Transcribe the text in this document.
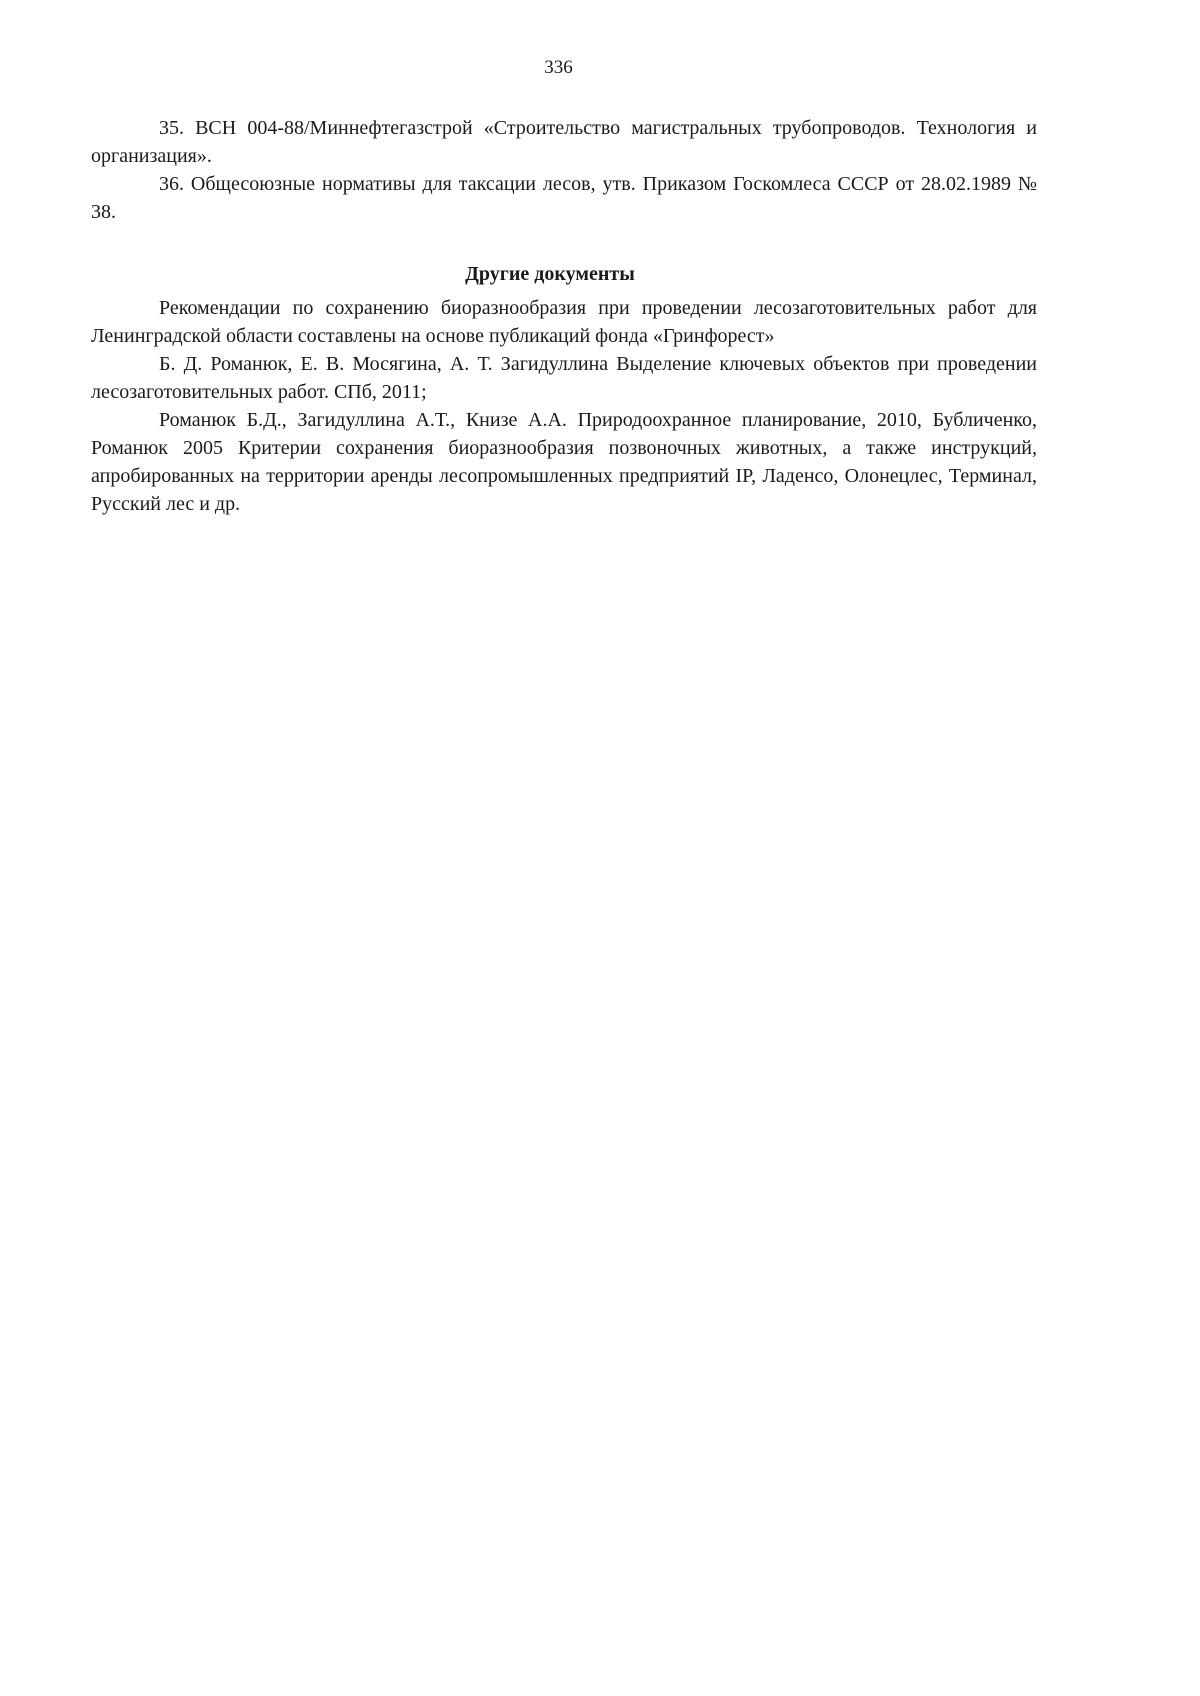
336

35. ВСН 004-88/Миннефтегазстрой «Строительство магистральных трубопроводов. Технология и организация».

36. Общесоюзные нормативы для таксации лесов, утв. Приказом Госкомлеса СССР от 28.02.1989 № 38.

Другие документы

Рекомендации по сохранению биоразнообразия при проведении лесозаготовительных работ для Ленинградской области составлены на основе публикаций фонда «Гринфорест»

Б. Д. Романюк, Е. В. Мосягина, А. Т. Загидуллина Выделение ключевых объектов при проведении лесозаготовительных работ. СПб, 2011;

Романюк Б.Д., Загидуллина А.Т., Книзе А.А. Природоохранное планирование, 2010, Бубличенко, Романюк 2005 Критерии сохранения биоразнообразия позвоночных животных, а также инструкций, апробированных на территории аренды лесопромышленных предприятий IP, Ладенсо, Олонецлес, Терминал, Русский лес и др.
